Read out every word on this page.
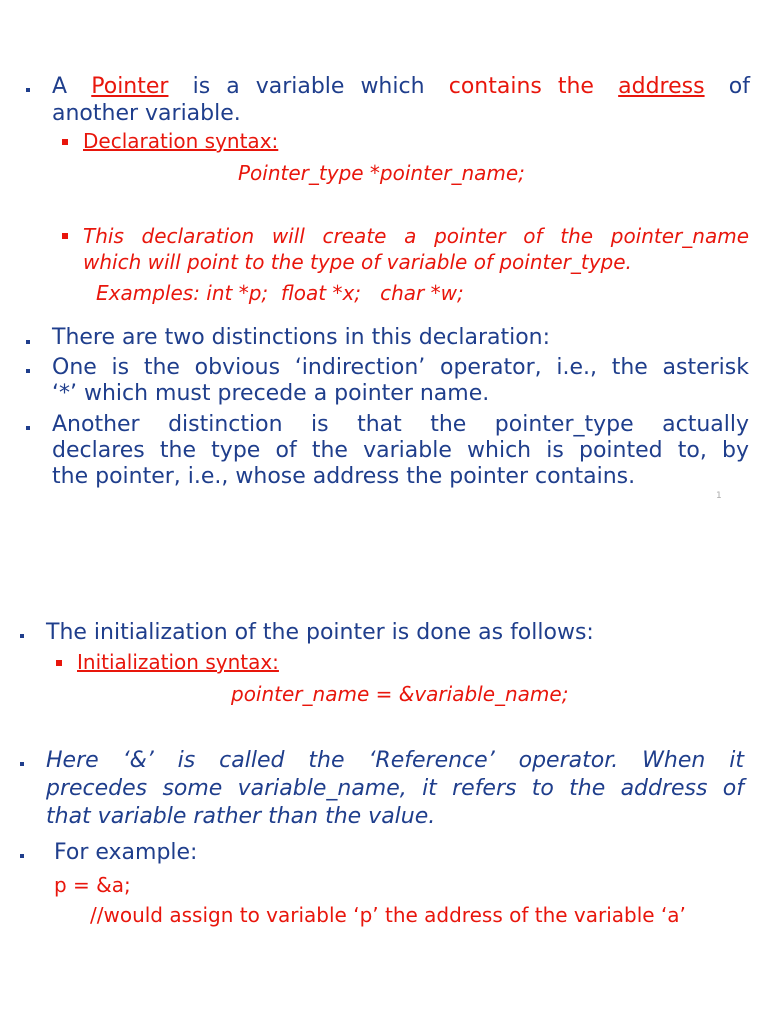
A Pointer is a variable which contains the address of
another variable.
Declaration syntax:
Pointer_type *pointer_name;
This declaration will create a pointer of the pointer_name
which will point to the type of variable of pointer_type.
Examples: int *p;  float *x;   char *w;
There are two distinctions in this declaration:
One is the obvious ‘indirection’ operator, i.e., the asterisk
‘*’ which must precede a pointer name.
Another distinction is that the pointer_type actually
declares the type of the variable which is pointed to, by
the pointer, i.e., whose address the pointer contains.
1
The initialization of the pointer is done as follows:
Initialization syntax:
pointer_name = &variable_name;
Here ‘&’ is called the ‘Reference’ operator. When it
precedes some variable_name, it refers to the address of
that variable rather than the value.
For example:
p = &a;
//would assign to variable ‘p’ the address of the variable ‘a’
